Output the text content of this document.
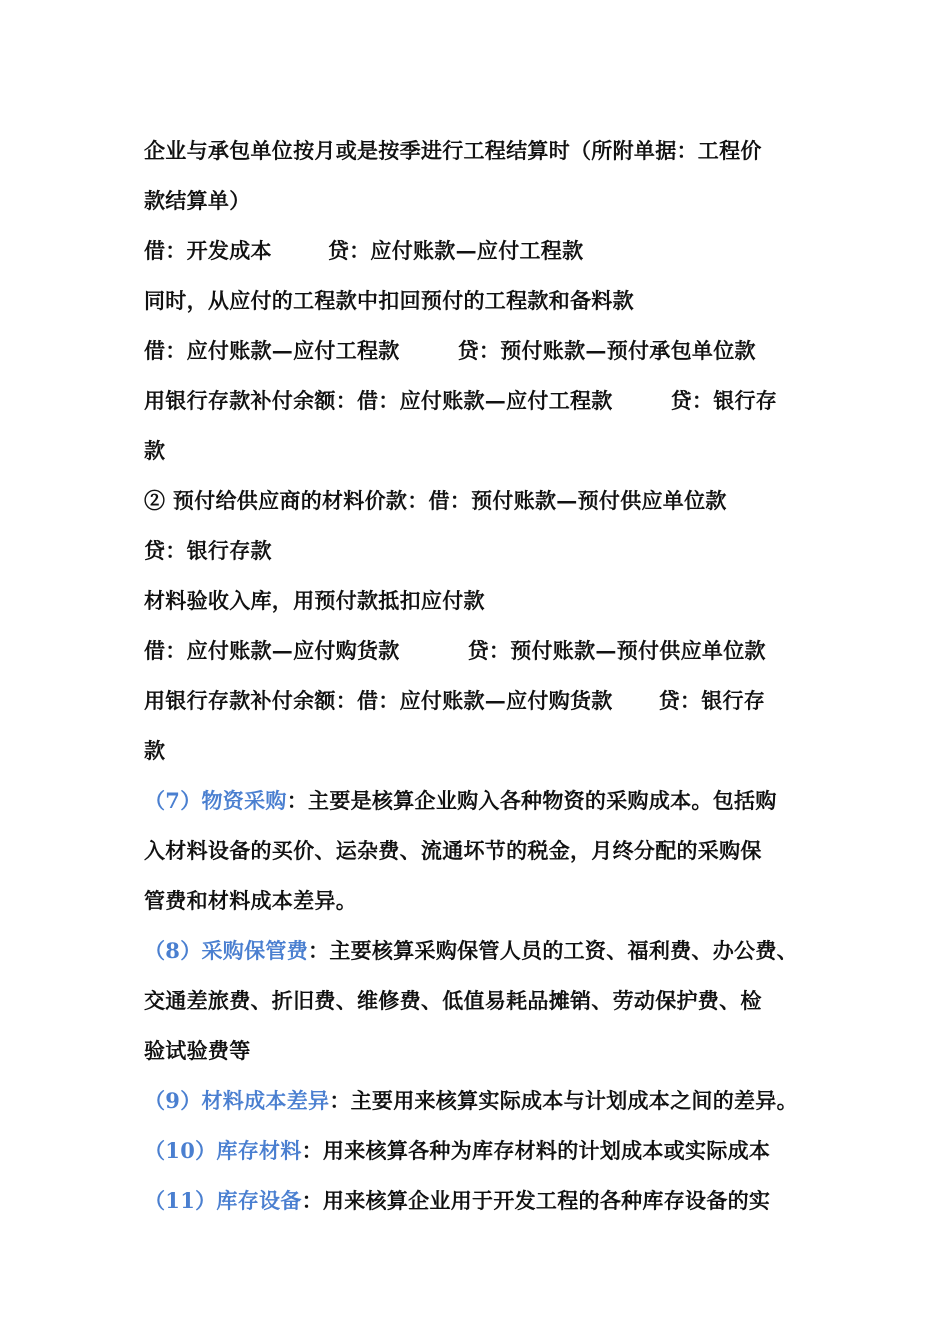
企业与承包单位按月或是按季进行工程结算时（所附单据：工程价
款结算单）
借：开发成本	贷：应付账款—应付工程款
同时，从应付的工程款中扣回预付的工程款和备料款
借：应付账款—应付工程款	贷：预付账款—预付承包单位款
用银行存款补付余额：借：应付账款—应付工程款	贷：银行存
款
② 预付给供应商的材料价款：借：预付账款—预付供应单位款
贷：银行存款
材料验收入库，用预付款抵扣应付款
借：应付账款—应付购货款	贷：预付账款—预付供应单位款
用银行存款补付余额：借：应付账款—应付购货款 贷：银行存
款
（7）物资采购：主要是核算企业购入各种物资的采购成本。包括购
入材料设备的买价、运杂费、流通坏节的税金，月终分配的采购保
管费和材料成本差异。
（8）采购保管费：主要核算采购保管人员的工资、福利费、办公费、
交通差旅费、折旧费、维修费、低值易耗品摊销、劳动保护费、检
验试验费等
（9）材料成本差异：主要用来核算实际成本与计划成本之间的差异。
（10）库存材料：用来核算各种为库存材料的计划成本或实际成本
（11）库存设备：用来核算企业用于开发工程的各种库存设备的实
